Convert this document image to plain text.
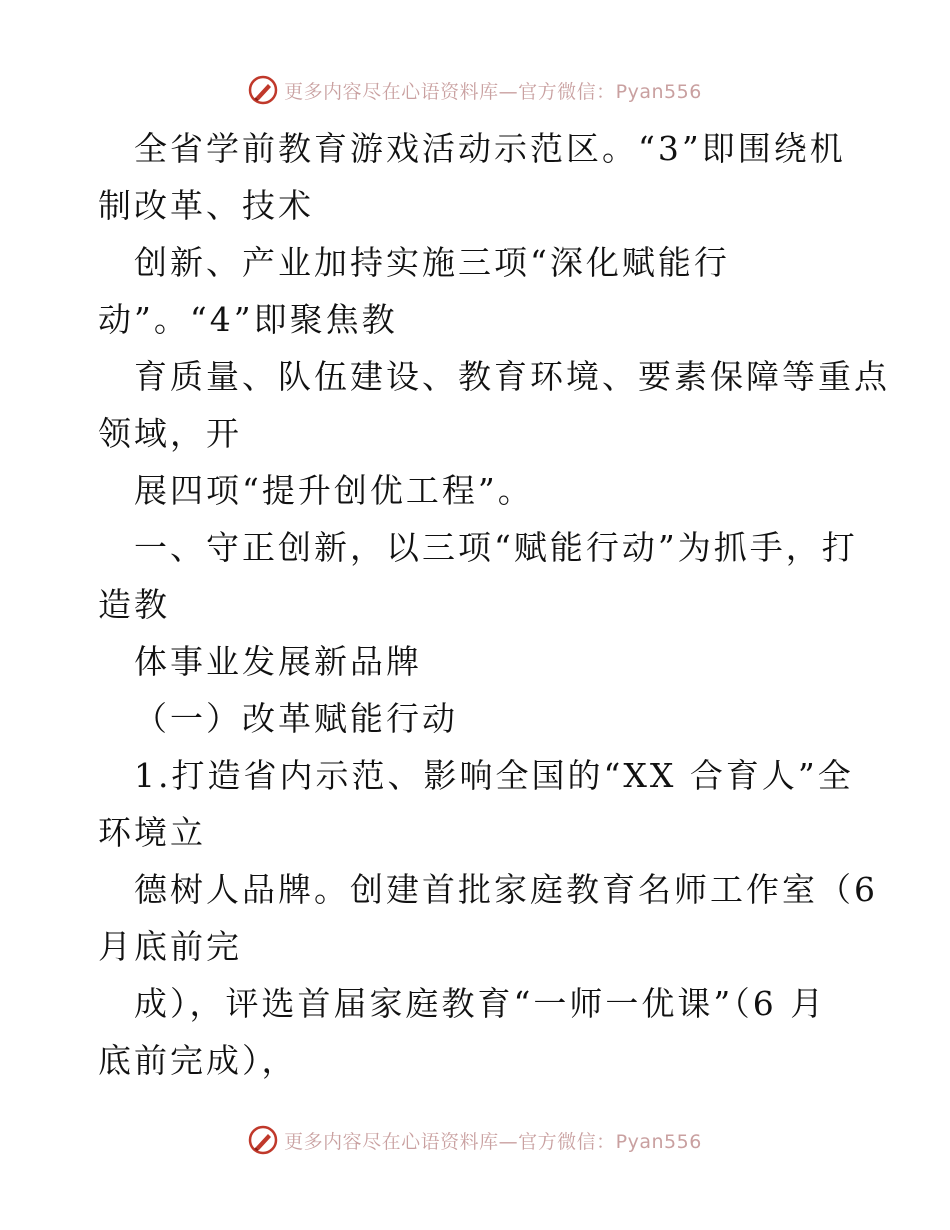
更多内容尽在心语资料库—官方微信：Pyan556
全省学前教育游戏活动示范区。“3”即围绕机
制改革、技术
创新、产业加持实施三项“深化赋能行
动”。“4”即聚焦教
育质量、队伍建设、教育环境、要素保障等重点
领域，开
展四项“提升创优工程”。
一、守正创新，以三项“赋能行动”为抓手，打
造教
体事业发展新品牌
（一）改革赋能行动
1.打造省内示范、影响全国的“XX 合育人”全
环境立
德树人品牌。创建首批家庭教育名师工作室（6
月底前完
成），评选首届家庭教育“一师一优课”（6 月
底前完成），
更多内容尽在心语资料库—官方微信：Pyan556
